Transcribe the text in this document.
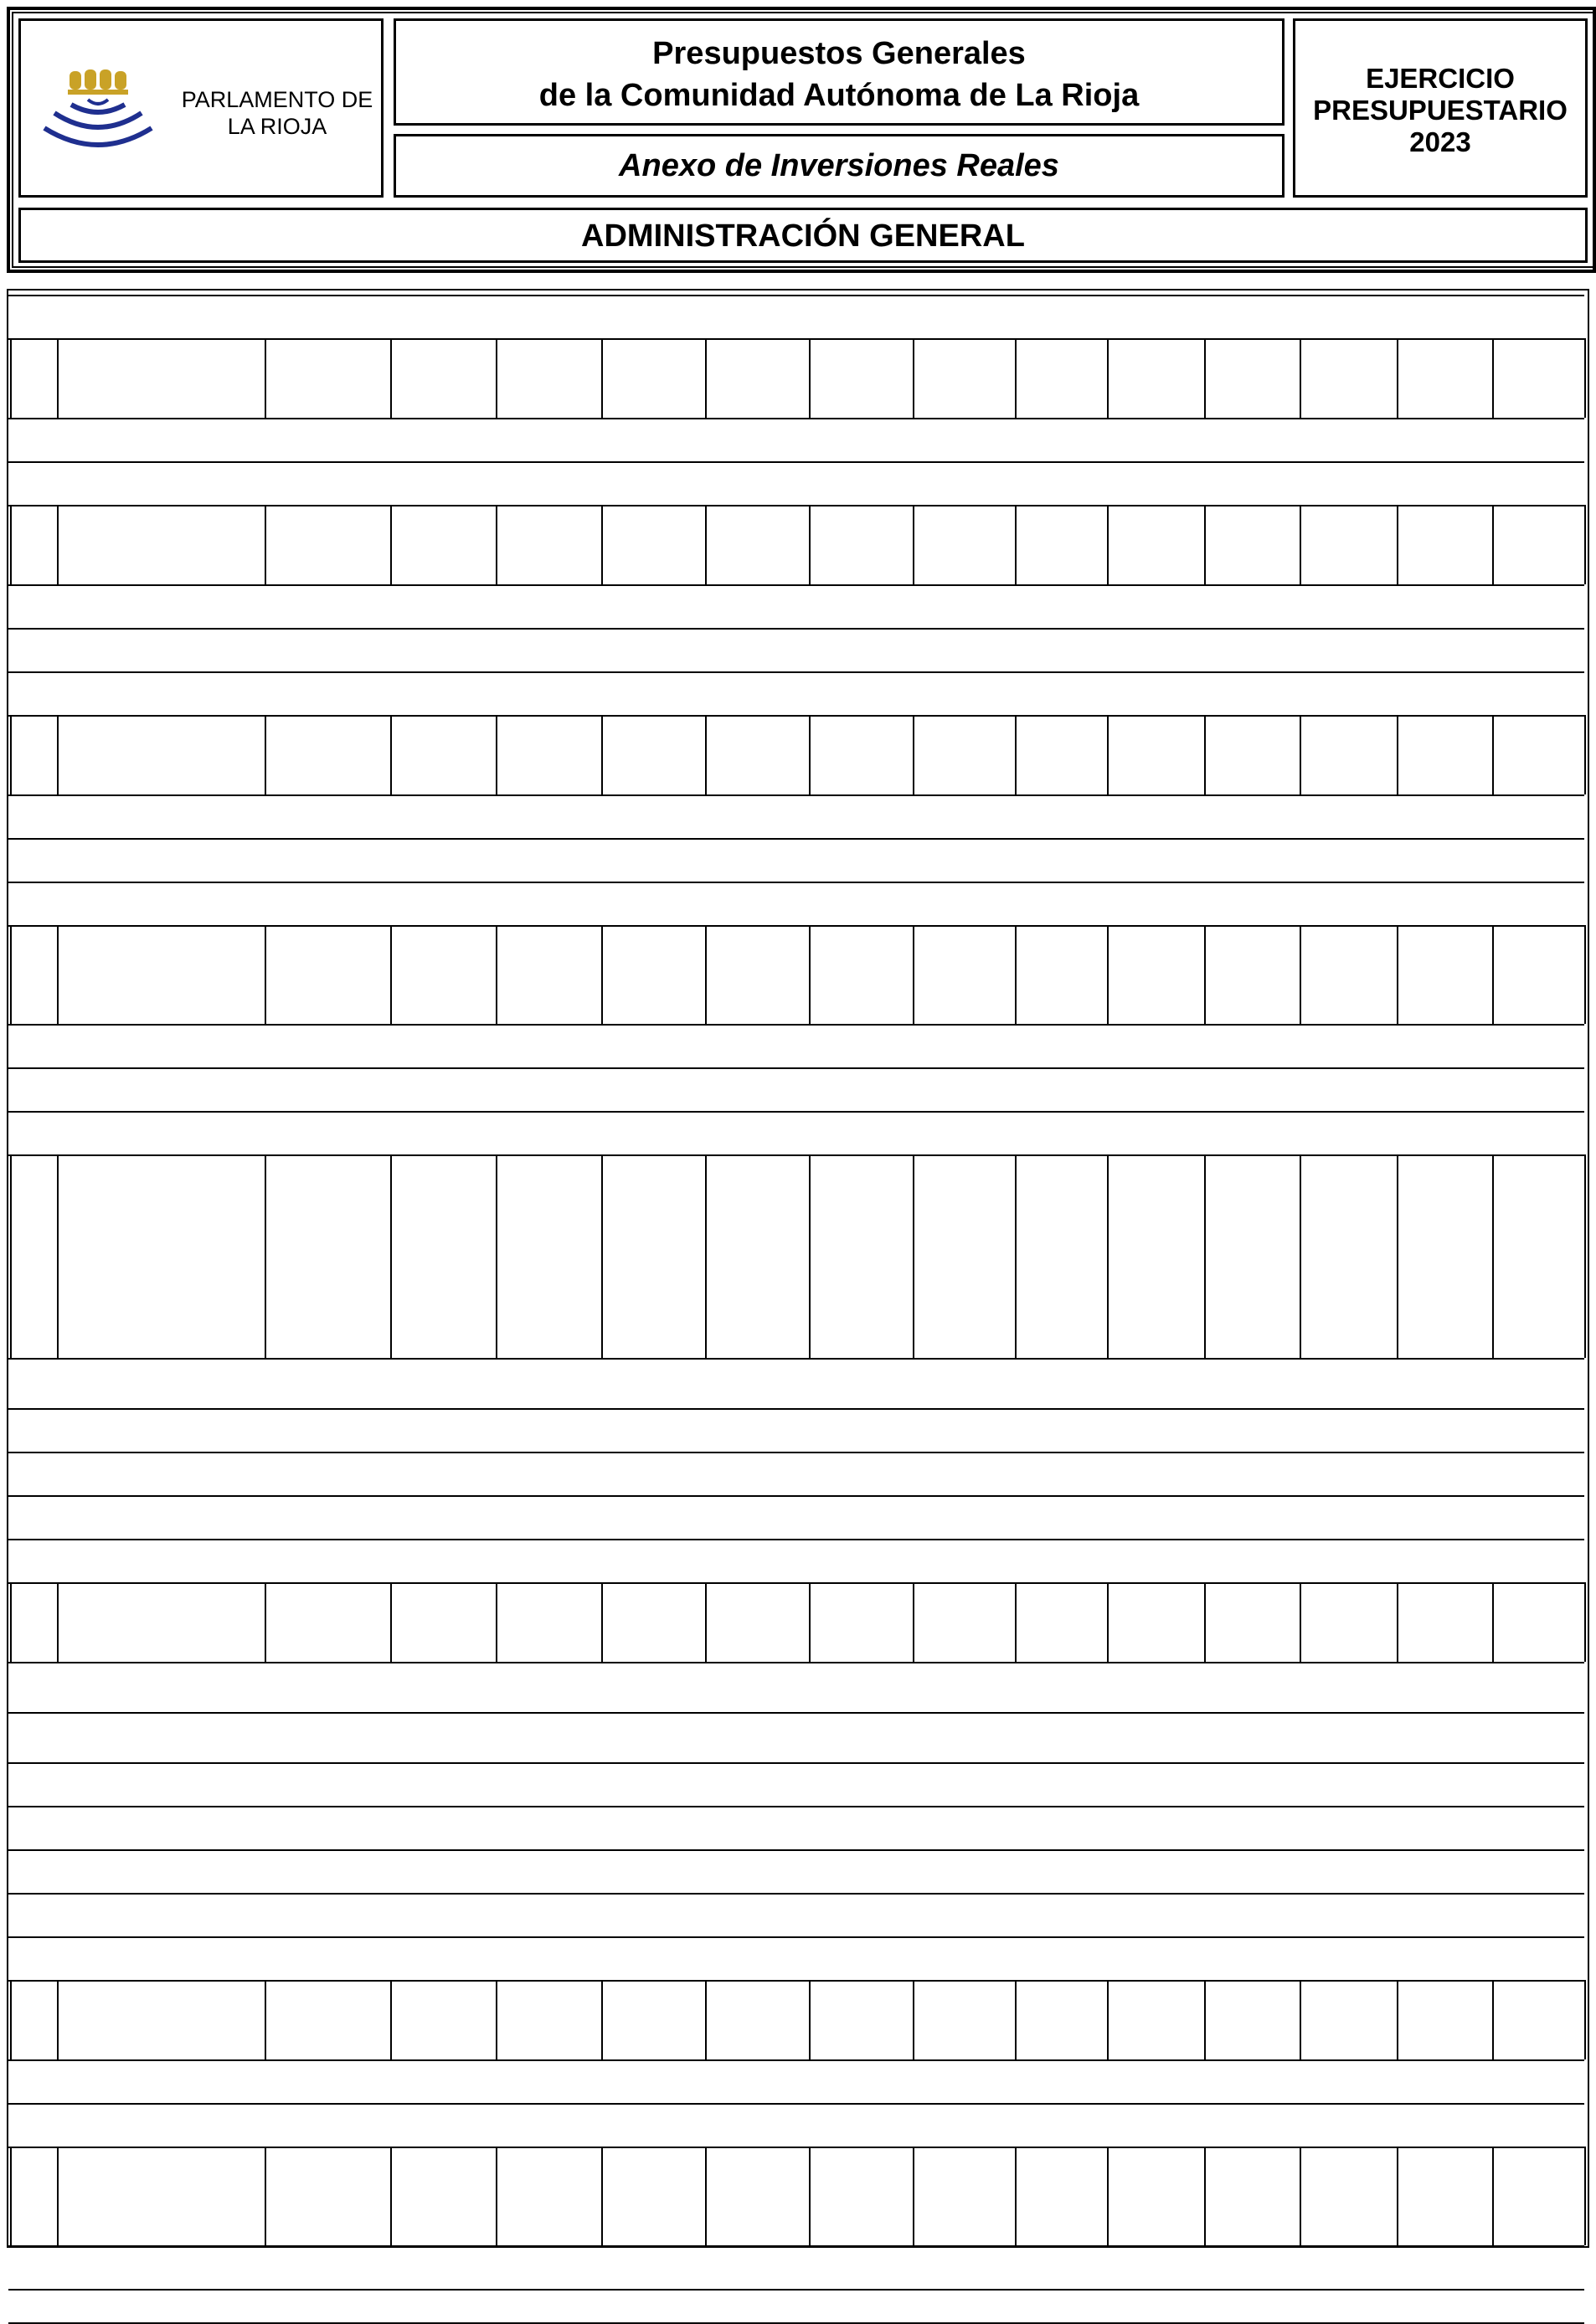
PARLAMENTO DE
LA RIOJA
Presupuestos Generales
de la Comunidad Autónoma de La Rioja
Anexo de Inversiones Reales
EJERCICIO
PRESUPUESTARIO
2023
ADMINISTRACIÓN GENERAL
